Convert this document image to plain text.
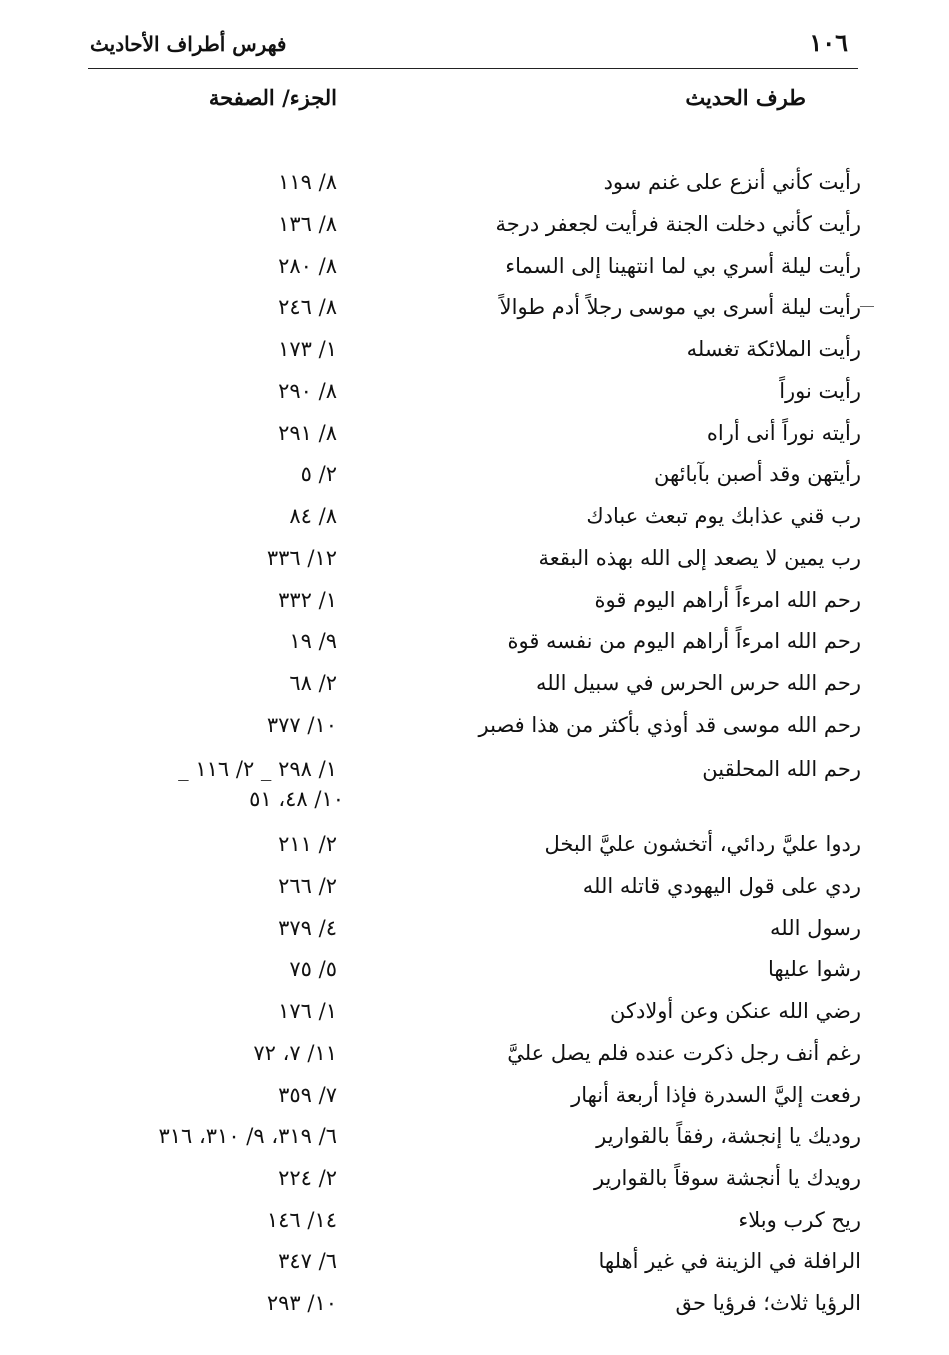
١٠٦
فهرس أطراف الأحاديث
طرف الحديث
الجزء/ الصفحة
رأيت كأني أنزع على غنم سود
٨/ ١١٩
رأيت كأني دخلت الجنة فرأيت لجعفر درجة
٨/ ١٣٦
رأيت ليلة أسري بي لما انتهينا إلى السماء
٨/ ٢٨٠
رأيت ليلة أسرى بي موسى رجلاً أدم طوالاً
٨/ ٢٤٦
رأيت الملائكة تغسله
١/ ١٧٣
رأيت نوراً
٨/ ٢٩٠
رأيته نوراً أنى أراه
٨/ ٢٩١
رأيتهن وقد أصبن بآبائهن
٢/ ٥
رب قني عذابك يوم تبعث عبادك
٨/ ٨٤
رب يمين لا يصعد إلى الله بهذه البقعة
١٢/ ٣٣٦
رحم الله امرءاً أراهم اليوم قوة
١/ ٣٣٢
رحم الله امرءاً أراهم اليوم من نفسه قوة
٩/ ١٩
رحم الله حرس الحرس في سبيل الله
٢/ ٦٨
رحم الله موسى قد أوذي بأكثر من هذا فصبر
١٠/ ٣٧٧
رحم الله المحلقين
١/ ٢٩٨ _ ٢/ ١١٦ _
١٠/ ٤٨، ٥١
ردوا عليَّ ردائي، أتخشون عليَّ البخل
٢/ ٢١١
ردي على قول اليهودي قاتله الله
٢/ ٢٦٦
رسول الله
٤/ ٣٧٩
رشوا عليها
٥/ ٧٥
رضي الله عنكن وعن أولادكن
١/ ١٧٦
رغم أنف رجل ذكرت عنده فلم يصل عليَّ
١١/ ٧، ٧٢
رفعت إليَّ السدرة فإذا أربعة أنهار
٧/ ٣٥٩
روديك يا إنجشة، رفقاً بالقوارير
٦/ ٣١٩، ٩/ ٣١٠، ٣١٦
رويدك يا أنجشة سوقاً بالقوارير
٢/ ٢٢٤
ريح كرب وبلاء
١٤/ ١٤٦
الرافلة في الزينة في غير أهلها
٦/ ٣٤٧
الرؤيا ثلاث؛ فرؤيا حق
١٠/ ٢٩٣
